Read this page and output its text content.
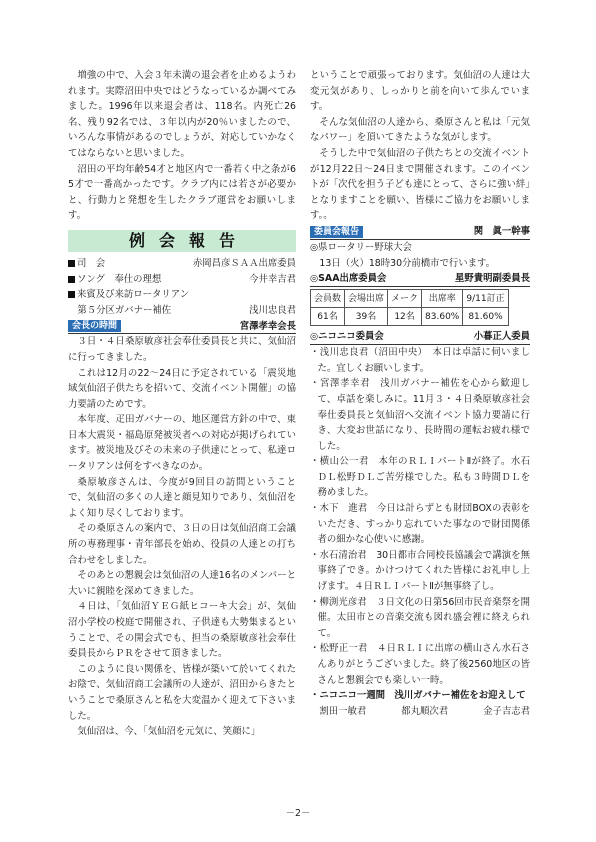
増強の中で、入会３年未満の退会者を止めるようわれます。実際沼田中央ではどうなっているか調べてみました。1996年以来退会者は、118名。内死亡26名、残り92名では、３年以内が20％いましたので、いろんな事情があるのでしょうが、対応していかなくてはならないと思いました。

沼田の平均年齢54才と地区内で一番若く中之条が65才で一番高かったです。クラブ内には若さが必要かと、行動力と発想を生したクラブ運営をお願いします。

例会報告
司　会	赤岡昌彦ＳＡＡ出席委員
ソング　奉仕の理想	今井幸吉君
来賓及び来訪ロータリアン
第５分区ガバナー補佐	浅川忠良君
会長の時間	宮澤孝幸会長

３日・４日桑原敏彦社会奉仕委員長と共に、気仙沼に行ってきました。

これは12月の22～24日に予定されている「震災地域気仙沼子供たちを招いて、交流イベント開催」の協力要請のためです。

本年度、疋田ガバナーの、地区運営方針の中で、東日本大震災・福島原発被災者への対応が掲げられています。被災地及びその未来の子供達にとって、私達ロータリアンは何をすべきなのか。

桑原敏彦さんは、今度が9回目の訪問ということで、気仙沼の多くの人達と顔見知りであり、気仙沼をよく知り尽くしております。

その桑原さんの案内で、３日の日は気仙沼商工会議所の専務理事・青年部長を始め、役員の人達との打ち合わせをしました。

そのあとの懇親会は気仙沼の人達16名のメンバーと大いに親睦を深めてきました。

４日は、「気仙沼ＹＥＧ紙ヒコーキ大会」が、気仙沼小学校の校庭で開催され、子供達も大勢集まるということで、その開会式でも、担当の桑原敏彦社会奉仕委員長からＰＲをさせて頂きました。

このように良い関係を、皆様が築いて於いてくれたお陰で、気仙沼商工会議所の人達が、沼田からきたということで桑原さんと私を大変温かく迎えて下さいました。

気仙沼は、今、「気仙沼を元気に、笑顔に」

ということで頑張っております。気仙沼の人達は大変元気があり、しっかりと前を向いて歩んでいます。

そんな気仙沼の人達から、桑原さんと私は「元気なパワー」を頂いてきたような気がします。

そうした中で気仙沼の子供たちとの交流イベントが12月22日～24日まで開催されます。このイベントが「次代を担う子ども達にとって、さらに強い絆」となりますことを願い、皆様にご協力をお願いします。。

委員会報告	関　眞一幹事
◎県ロータリー野球大会
13日（火）18時30分前橋市で行います。
◎SAA出席委員会	星野貴明副委員長
会員数	会場出席	メーク	出席率	9/11訂正
61名	39名	12名	83.60%	81.60%
◎ニコニコ委員会	小暮正人委員
・浅川忠良君（沼田中央）　本日は卓話に伺いました。宜しくお願いします。
・宮澤孝幸君　浅川ガバナー補佐を心から歓迎して、卓話を楽しみに。11月３・４日桑原敏彦社会奉仕委員長と気仙沼へ交流イベント協力要請に行き、大変お世話になり、長時間の運転お疲れ様でした。
・横山公一君　本年のＲＬＩパートⅡが終了。水石ＤＬ松野ＤＬご苦労様でした。私も３時間ＤＬを務めました。
・木下　進君　今日は計らずとも財団BOXの表彰をいただき、すっかり忘れていた事なので財団関係者の細かな心使いに感謝。
・水石清治君　30日都市合同校長協議会で講演を無事終了でき。かけつけてくれた皆様にお礼申し上げます。４日ＲＬＩパートⅡが無事終了し。
・柳渕光彦君　３日文化の日第56回市民音楽祭を開催。太田市との音楽交流も図れ盛会裡に終えられて。
・松野正一君　４日ＲＬＩに出席の横山さん水石さんありがとうございました。終了後2560地区の皆さんと懇親会でも楽しい一時。
・ニコニコ一週間　浅川ガバナー補佐をお迎えして
割田一敏君	都丸順次君	金子吉志君
－2－
